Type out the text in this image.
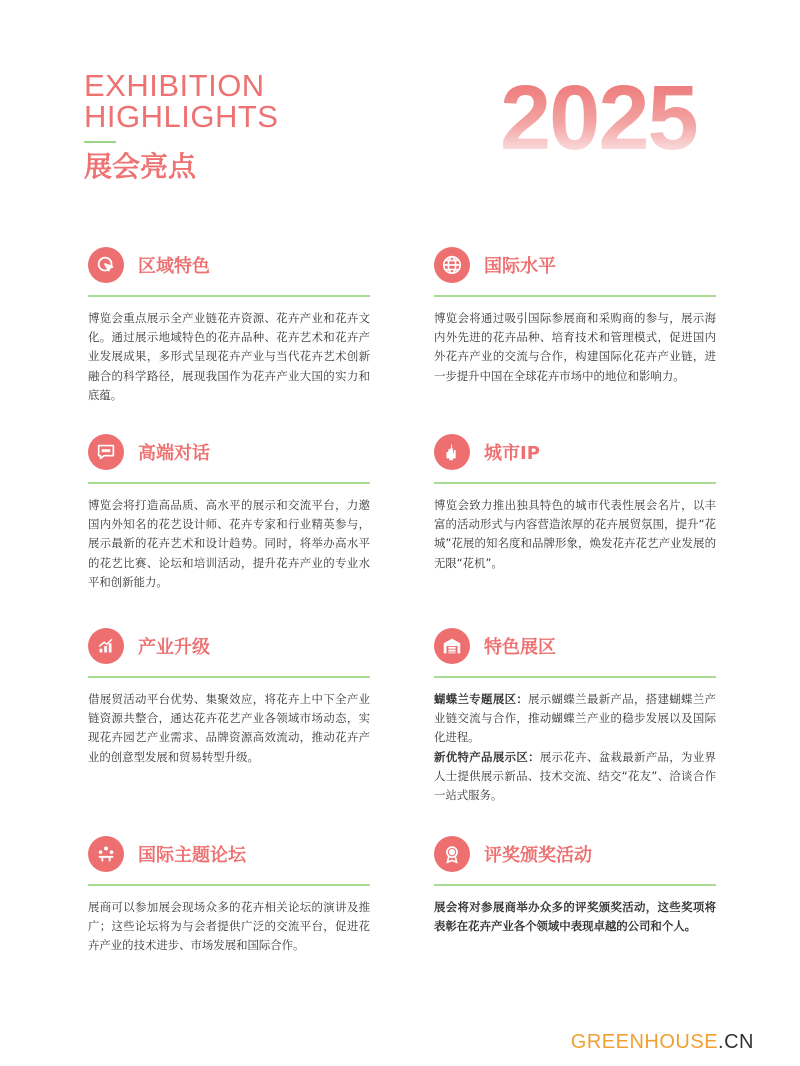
EXHIBITION
HIGHLIGHTS
展会亮点	2025
区域特色
博览会重点展示全产业链花卉资源、花卉产业和花卉文化。通过展示地域特色的花卉品种、花卉艺术和花卉产业发展成果，多形式呈现花卉产业与当代花卉艺术创新融合的科学路径，展现我国作为花卉产业大国的实力和底蕴。
国际水平
博览会将通过吸引国际参展商和采购商的参与，展示海内外先进的花卉品种、培育技术和管理模式，促进国内外花卉产业的交流与合作，构建国际化花卉产业链，进一步提升中国在全球花卉市场中的地位和影响力。
高端对话
博览会将打造高品质、高水平的展示和交流平台，力邀国内外知名的花艺设计师、花卉专家和行业精英参与，展示最新的花卉艺术和设计趋势。同时，将举办高水平的花艺比赛、论坛和培训活动，提升花卉产业的专业水平和创新能力。
城市IP
博览会致力推出独具特色的城市代表性展会名片，以丰富的活动形式与内容营造浓厚的花卉展贸氛围，提升“花城”花展的知名度和品牌形象，焕发花卉花艺产业发展的无限“花机”。
产业升级
借展贸活动平台优势、集聚效应，将花卉上中下全产业链资源共整合，通达花卉花艺产业各领域市场动态，实现花卉园艺产业需求、品牌资源高效流动，推动花卉产业的创意型发展和贸易转型升级。
特色展区
蝴蝶兰专题展区：展示蝴蝶兰最新产品，搭建蝴蝶兰产业链交流与合作，推动蝴蝶兰产业的稳步发展以及国际化进程。
新优特产品展示区：展示花卉、盆栽最新产品，为业界人士提供展示新品、技术交流、结交“花友”、洽谈合作一站式服务。
国际主题论坛
展商可以参加展会现场众多的花卉相关论坛的演讲及推广；这些论坛将为与会者提供广泛的交流平台，促进花卉产业的技术进步、市场发展和国际合作。
评奖颁奖活动
展会将对参展商举办众多的评奖颁奖活动，这些奖项将表彰在花卉产业各个领域中表现卓越的公司和个人。
GREENHOUSE.CN
